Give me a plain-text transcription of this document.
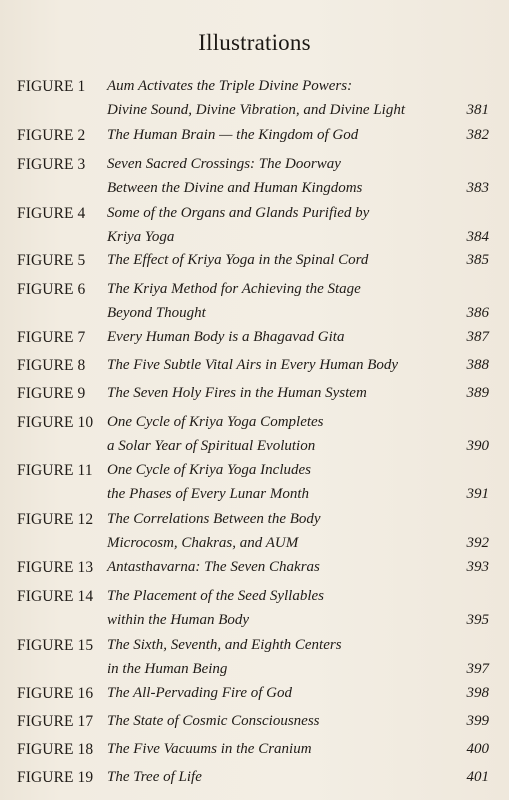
Illustrations
FIGURE 1 Aum Activates the Triple Divine Powers:
Divine Sound, Divine Vibration, and Divine Light	381
FIGURE 2 The Human Brain — the Kingdom of God	382
FIGURE 3 Seven Sacred Crossings: The Doorway
Between the Divine and Human Kingdoms	383
FIGURE 4 Some of the Organs and Glands Purified by
Kriya Yoga	384
FIGURE 5 The Effect of Kriya Yoga in the Spinal Cord	385
FIGURE 6 The Kriya Method for Achieving the Stage
Beyond Thought	386
FIGURE 7 Every Human Body is a Bhagavad Gita	387
FIGURE 8 The Five Subtle Vital Airs in Every Human Body	388
FIGURE 9 The Seven Holy Fires in the Human System	389
FIGURE 10 One Cycle of Kriya Yoga Completes
a Solar Year of Spiritual Evolution	390
FIGURE 11 One Cycle of Kriya Yoga Includes
the Phases of Every Lunar Month	391
FIGURE 12 The Correlations Between the Body
Microcosm, Chakras, and AUM	392
FIGURE 13 Antasthavarna: The Seven Chakras	393
FIGURE 14 The Placement of the Seed Syllables
within the Human Body	395
FIGURE 15 The Sixth, Seventh, and Eighth Centers
in the Human Being	397
FIGURE 16 The All-Pervading Fire of God	398
FIGURE 17 The State of Cosmic Consciousness	399
FIGURE 18 The Five Vacuums in the Cranium	400
FIGURE 19 The Tree of Life	401
